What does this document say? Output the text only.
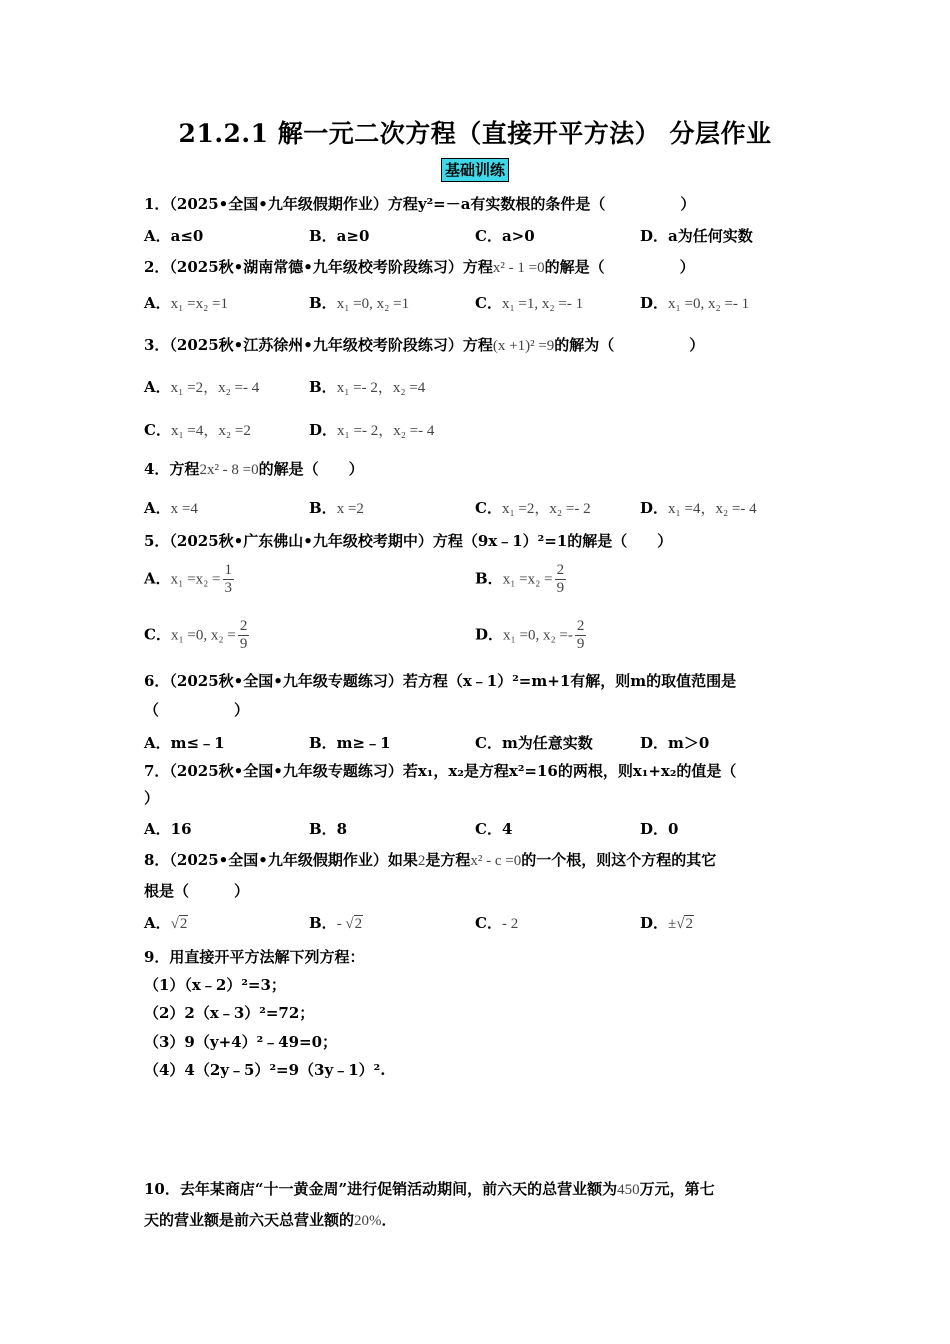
21.2.1 解一元二次方程（直接开平方法） 分层作业
基础训练
1．（2025•全国•九年级假期作业）方程y²=－a有实数根的条件是（　　　　　）
A．a≤0	B．a≥0	C．a>0	D．a为任何实数
2．（2025秋•湖南常德•九年级校考阶段练习）方程x² - 1 =0的解是（　　　　　）
A．x₁ =x₂ =1	B．x₁ =0, x₂ =1	C．x₁ =1, x₂ =- 1	D．x₁ =0, x₂ =- 1
3．（2025秋•江苏徐州•九年级校考阶段练习）方程(x +1)² =9的解为（　　　　　）
A．x₁ =2，x₂ =- 4	B．x₁ =- 2，x₂ =4
C．x₁ =4，x₂ =2	D．x₁ =- 2，x₂ =- 4
4．方程2x² - 8 =0的解是（　　）
A．x =4	B．x =2	C．x₁ =2，x₂ =- 2	D．x₁ =4，x₂ =- 4
5．（2025秋•广东佛山•九年级校考期中）方程（9x﹣1）²=1的解是（　　）
A．$x_1 =x_2 = \frac{1}{3}$	B．$x_1 =x_2 = \frac{2}{9}$
C．x₁ =0, $x_2 = \frac{2}{9}$	D．x₁ =0, $x_2 =- \frac{2}{9}$
6．（2025秋•全国•九年级专题练习）若方程（x﹣1）²=m+1有解，则m的取值范围是
（　　　　　）
A．m≤﹣1	B．m≥﹣1	C．m为任意实数	D．m＞0
7．（2025秋•全国•九年级专题练习）若x₁，x₂是方程x²=16的两根，则x₁+x₂的值是（
）
A．16	B．8	C．4	D．0
8．（2025•全国•九年级假期作业）如果2是方程x² - c =0的一个根，则这个方程的其它
根是（　　　）
A．√2	B．- √2	C．- 2	D．±√2
9．用直接开平方法解下列方程：
（1）（x﹣2）²=3；
（2）2（x﹣3）²=72；
（3）9（y+4）²﹣49=0；
（4）4（2y﹣5）²=9（3y﹣1）².
10．去年某商店“十一黄金周”进行促销活动期间，前六天的总营业额为450万元，第七
天的营业额是前六天总营业额的20%．
